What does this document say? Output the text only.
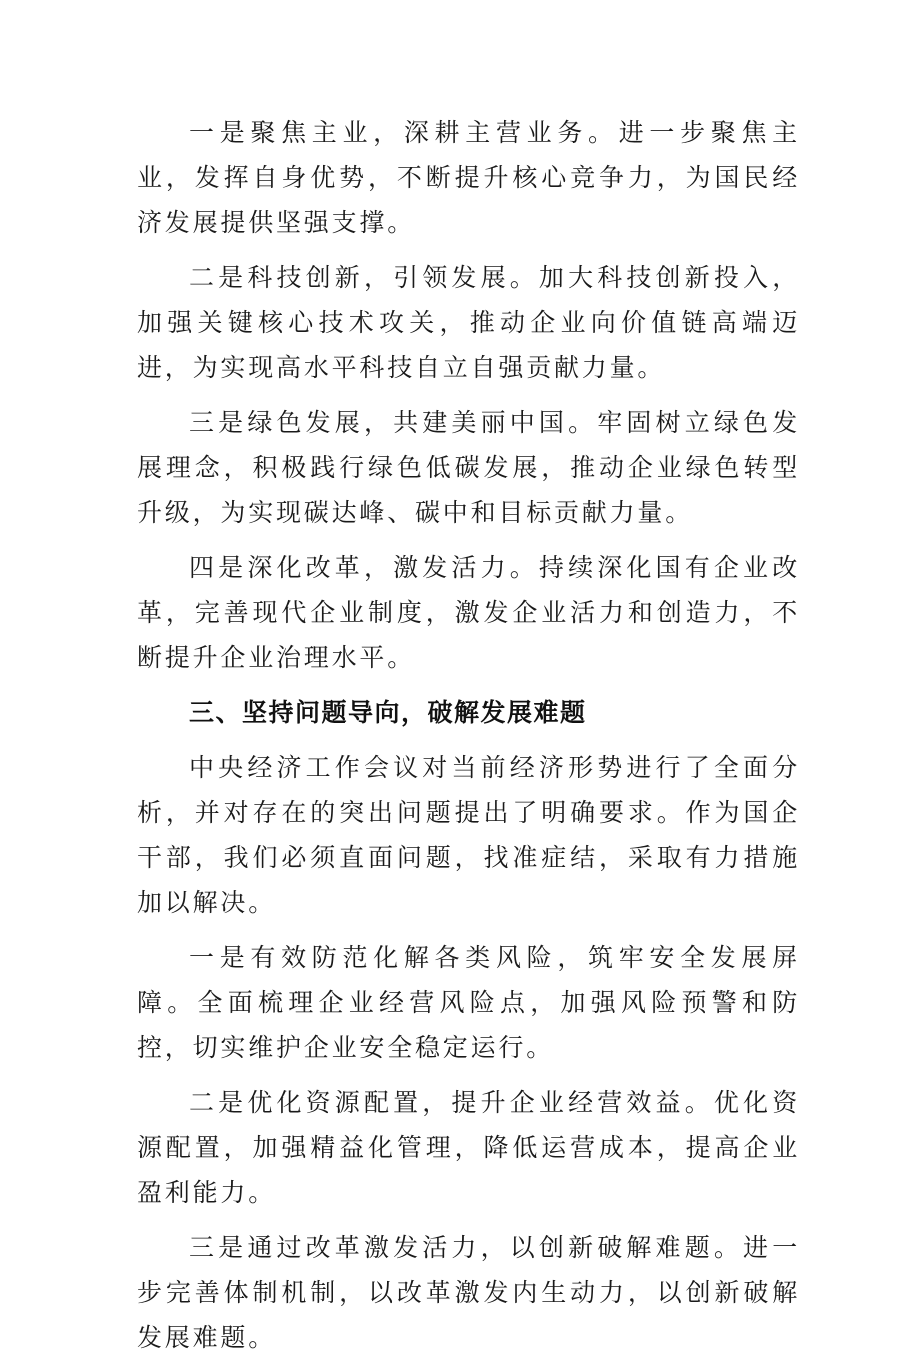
一是聚焦主业，深耕主营业务。进一步聚焦主业，发挥自身优势，不断提升核心竞争力，为国民经济发展提供坚强支撑。

二是科技创新，引领发展。加大科技创新投入，加强关键核心技术攻关，推动企业向价值链高端迈进，为实现高水平科技自立自强贡献力量。

三是绿色发展，共建美丽中国。牢固树立绿色发展理念，积极践行绿色低碳发展，推动企业绿色转型升级，为实现碳达峰、碳中和目标贡献力量。

四是深化改革，激发活力。持续深化国有企业改革，完善现代企业制度，激发企业活力和创造力，不断提升企业治理水平。

三、坚持问题导向，破解发展难题

中央经济工作会议对当前经济形势进行了全面分析，并对存在的突出问题提出了明确要求。作为国企干部，我们必须直面问题，找准症结，采取有力措施加以解决。

一是有效防范化解各类风险，筑牢安全发展屏障。全面梳理企业经营风险点，加强风险预警和防控，切实维护企业安全稳定运行。

二是优化资源配置，提升企业经营效益。优化资源配置，加强精益化管理，降低运营成本，提高企业盈利能力。

三是通过改革激发活力，以创新破解难题。进一步完善体制机制，以改革激发内生动力，以创新破解发展难题。
